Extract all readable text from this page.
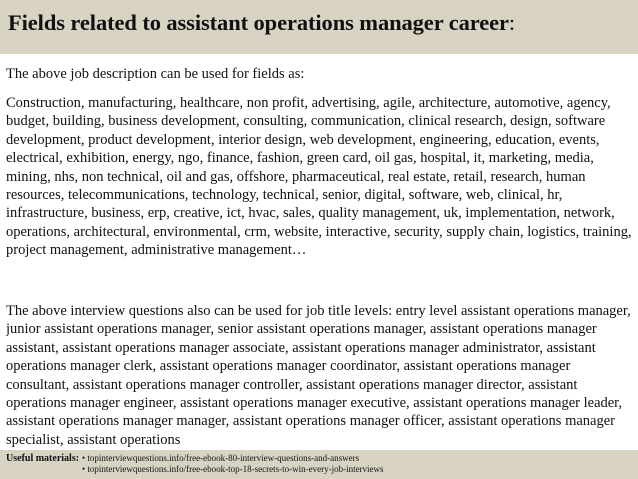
Fields related to assistant operations manager career:
The above job description can be used for fields as:
Construction, manufacturing, healthcare, non profit, advertising, agile, architecture, automotive, agency, budget, building, business development, consulting, communication, clinical research, design, software development, product development, interior design, web development, engineering, education, events, electrical, exhibition, energy, ngo, finance, fashion, green card, oil gas, hospital, it, marketing, media, mining, nhs, non technical, oil and gas, offshore, pharmaceutical, real estate, retail, research, human resources, telecommunications, technology, technical, senior, digital, software, web, clinical, hr, infrastructure, business, erp, creative, ict, hvac, sales, quality management, uk, implementation, network, operations, architectural, environmental, crm, website, interactive, security, supply chain, logistics, training, project management, administrative management…
The above interview questions also can be used for job title levels: entry level assistant operations manager, junior assistant operations manager, senior assistant operations manager, assistant operations manager assistant, assistant operations manager associate, assistant operations manager administrator, assistant operations manager clerk, assistant operations manager coordinator, assistant operations manager consultant, assistant operations manager controller, assistant operations manager director, assistant operations manager engineer, assistant operations manager executive, assistant operations manager leader, assistant operations manager manager, assistant operations manager officer, assistant operations manager specialist, assistant operations
Useful materials: • topinterviewquestions.info/free-ebook-80-interview-questions-and-answers
• topinterviewquestions.info/free-ebook-top-18-secrets-to-win-every-job-interviews
